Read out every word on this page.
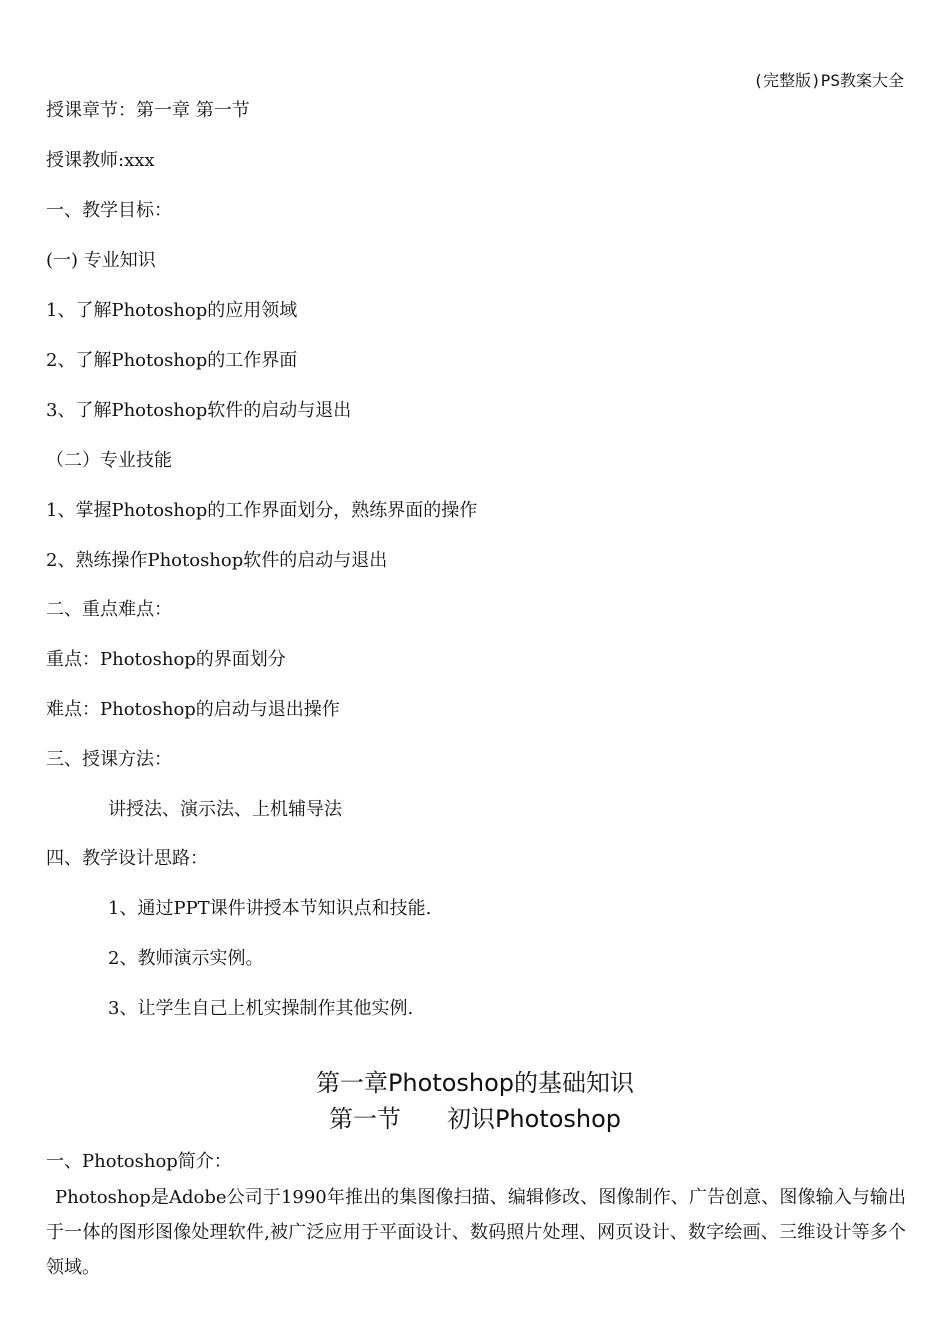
(完整版)PS教案大全
授课章节：第一章 第一节
授课教师:xxx
一、教学目标：
(一) 专业知识
1、了解Photoshop的应用领域
2、了解Photoshop的工作界面
3、了解Photoshop软件的启动与退出
（二）专业技能
1、掌握Photoshop的工作界面划分，熟练界面的操作
2、熟练操作Photoshop软件的启动与退出
二、重点难点：
重点：Photoshop的界面划分
难点：Photoshop的启动与退出操作
三、授课方法：
讲授法、演示法、上机辅导法
四、教学设计思路：
1、通过PPT课件讲授本节知识点和技能.
2、教师演示实例。
3、让学生自己上机实操制作其他实例.
第一章Photoshop的基础知识
第一节 初识Photoshop
一、Photoshop简介：
Photoshop是Adobe公司于1990年推出的集图像扫描、编辑修改、图像制作、广告创意、图像输入与输出于一体的图形图像处理软件,被广泛应用于平面设计、数码照片处理、网页设计、数字绘画、三维设计等多个领域。
